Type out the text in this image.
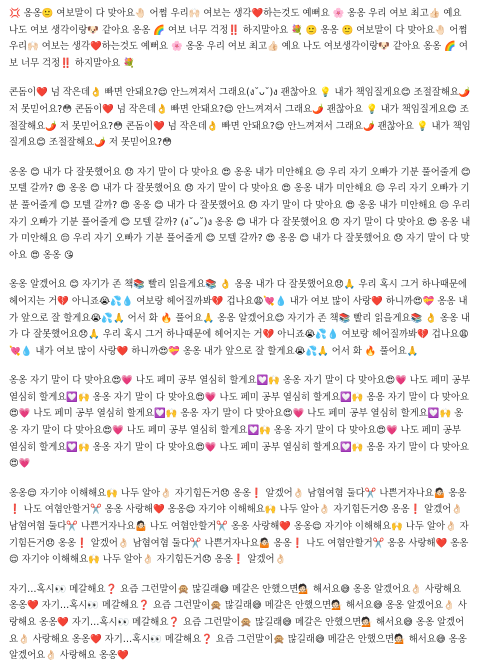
💢 옹옹🙂 여보말이 다 맞아요🤚🏻 어쩜 우리🙌🏻 여보는 생각❤️하는것도 예뻐요 🌸 옹옹 우리 여보 최고👍🏻 예요 나도 여보 생각이랑🐶 같아요 옹옹 🌈 여보 너무 걱정‼️ 하지말아요 💐 🙂 옹옹 🙂 여보말이 다 맞아요🤚🏻 어쩜 우리🙌🏻 여보는 생각❤️하는것도 예뻐요 🌸 옹옹 우리 여보 최고👍🏻 예요 나도 여보생각이랑🐶 같아요 옹옹 🌈 여보 너무 걱정‼️ 하지말아요 💐

콘돔이❤️ 넘 작은데👌 빠면 안돼요?😌 안느껴져서 그래요(ง˘ᴗ˘)ง 괜찮아요 💡 내가 책임질게요😊 조절잘해요🌶️ 저 못믿어요?😳 콘돔이❤️ 넘 작은데👌 빠면 안돼요?😌 안느껴져서 그래요🌶️ 괜찮아요 💡 내가 책임질게요😊 조절잘해요🌶️ 저 못믿어요?😳 콘돔이❤️ 넘 작은데👌 빠면 안돼요?😌 안느껴져서 그래요🌶️ 괜찮아요 💡 내가 책임질게요😊 조절잘해요🌶️ 저 못믿어요?😳

옹옹 😊 내가 다 잘못했어요 😞 자기 말이 다 맞아요 😍 옹옹 내가 미안해요 😔 우리 자기 오빠가 기분 풀어줄게 😊 모텔 갈까? 😍 옹옹 😊 내가 다 잘못했어요 😞 자기 말이 다 맞아요 😍 옹옹 내가 미안해요 😔 우리 자기 오빠가 기분 풀어줄게 😊 모텔 갈까? 😍 옹옹 😊 내가 다 잘못했어요 😞 자기 말이 다 맞아요 😍 옹옹 내가 미안해요 😔 우리 자기 오빠가 기분 풀어줄게 😊 모텔 갈까? (ง˘ᴗ˘)ง 옹옹 😊 내가 다 잘못했어요 😞 자기 말이 다 맞아요 😍 옹옹 내가 미안해요 😔 우리 자기 오빠가 기분 풀어줄게 😊 모텔 갈까? 😍 옹옹 😊 내가 다 잘못했어요 😞 자기 말이 다 맞아요 😍 옹옹 😘

옹옹 알겠어요 😊 자기가 존 책📚 빨리 읽을게요📚 👌 옹옹 내가 다 잘못했어요😞🙏 우리 혹시 그거 하나때문에 헤어지는 거💔 아니죠😭💦💧 여보랑 헤어질까봐💔 겁나요😩💘💧 내가 여보 많이 사랑❤️ 하니까😍💝 옹옹 내가 앞으로 잘 할게요😭💦🙏 어서 화 🔥 풀어요🙏 옹옹 알겠어요😊 자기가 존 책📚 빨리 읽을게요📚 👌 옹옹 내가 다 잘못했어요😞🙏 우리 혹시 그거 하나때문에 헤어지는 거💔 아니죠😭💦💧 여보랑 헤어질까봐💔 겁나요😩💘💧 내가 여보 많이 사랑❤️ 하니까😍💝 옹옹 내가 앞으로 잘 할게요😭💦🙏 어서 화 🔥 풀어요🙏

옹옹 자기 말이 다 맞아요😍💗 나도 페미 공부 열심히 할게요💟🙌 옹옹 자기 말이 다 맞아요😍💗 나도 페미 공부 열심히 할게요💟🙌 옹옹 자기 말이 다 맞아요😍💗 나도 페미 공부 열심히 할게요💟🙌 옹옹 자기 말이 다 맞아요😍💗 나도 페미 공부 열심히 할게요💟🙌 옹옹 자기 말이 다 맞아요😍💗 나도 페미 공부 열심히 할게요💟🙌 옹옹 자기 말이 다 맞아요😍💗 나도 페미 공부 열심히 할게요💟🙌 옹옹 자기 말이 다 맞아요😍💗 나도 페미 공부 열심히 할게요💟🙌 옹옹 자기 말이 다 맞아요😍💗 나도 페미 공부 열심히 할게요💟🙌 옹옹 자기 말이 다 맞아요😍💗

옹옹😌 자기야 이해해요🙌 나두 알아👌🏻 자기힘든거😞 옹옹❗ 알겠어👌🏻 남혐여혐 둘다✂️ 나쁜거자나요🤷🏻 옹옹❗ 나도 여혐안할거✂️ 옹옹 사랑해❤️ 옹옹😌 자기야 이해해요🙌 나두 알아👌🏻 자기힘든거😞 옹옹❗ 알겠어👌🏻 남혐여혐 둘다✂️ 나쁜거자나요🤷🏻 나도 여혐안할거✂️ 옹옹 사랑해❤️ 옹옹😌 자기야 이해해요🙌 나두 알아👌🏻 자기힘든거😞 옹옹❗ 알겠어👌🏻 남혐여혐 둘다✂️ 나쁜거자나요🤷🏻 옹옹❗ 나도 여혐안할거✂️ 옹옹 사랑해❤️ 옹옹😌 자기야 이해해요🙌 나두 알아👌🏻 자기힘든거😞 옹옹❗ 알겠어👌🏻

자기…혹시👀 메갈해요❓ 요즘 그런말이🙊 많길래😅 메갈은 안했으면💁🏻 해서요😅 옹옹 알겠어요👌🏻 사랑해요 옹옹❤️ 자기…혹시👀 메갈해요❓ 요즘 그런말이🙊 많길래😅 메갈은 안했으면💁🏻 해서요😅 옹옹 알겠어요👌🏻 사랑해요 옹옹❤️ 자기…혹시👀 메갈해요❓ 요즘 그런말이🙊 많길래😅 메갈은 안했으면💁🏻 해서요😅 옹옹 알겠어요👌🏻 사랑해요 옹옹❤️ 자기…혹시👀 메갈해요❓ 요즘 그런말이🙊 많길래😅 메갈은 안했으면💁🏻 해서요😅 옹옹 알겠어요👌🏻 사랑해요 옹옹❤️
